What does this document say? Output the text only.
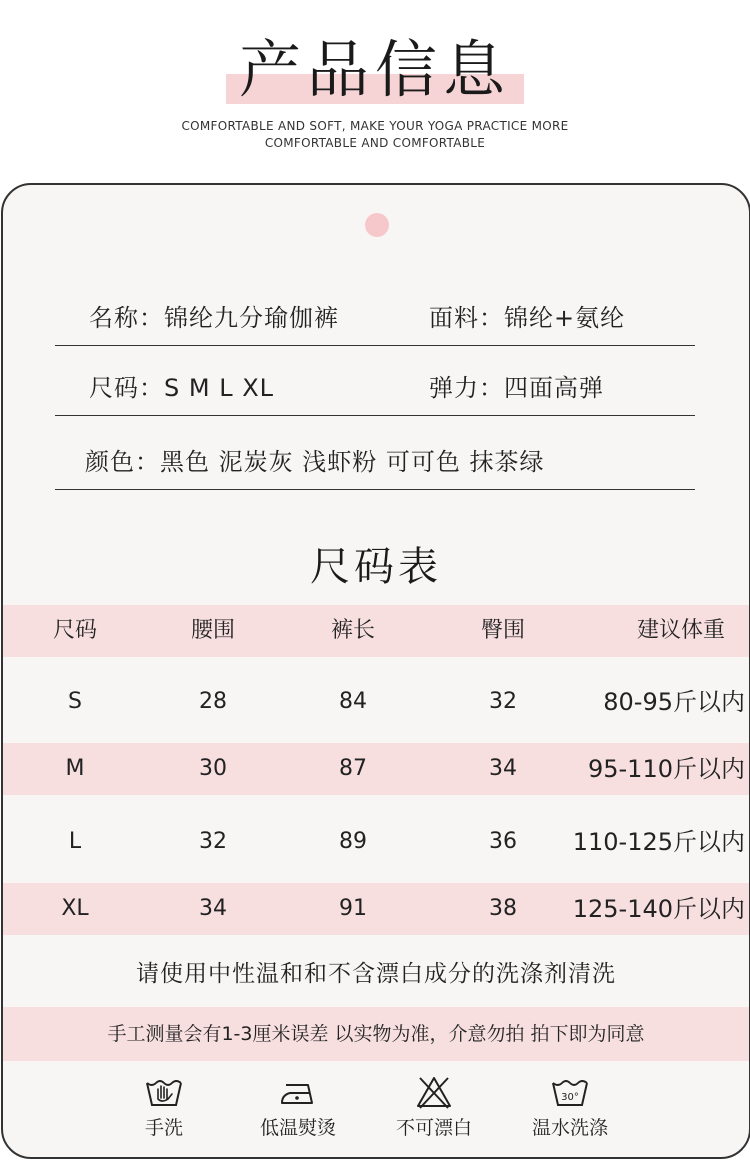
产品信息
COMFORTABLE AND SOFT, MAKE YOUR YOGA PRACTICE MORE
COMFORTABLE AND COMFORTABLE
名称：锦纶九分瑜伽裤	面料：锦纶+氨纶
尺码：S M L XL	弹力：四面高弹
颜色：黑色 泥炭灰 浅虾粉 可可色 抹茶绿
尺码表
尺码	腰围	裤长	臀围	建议体重
S	28	84	32	80-95斤以内
M	30	87	34	95-110斤以内
L	32	89	36	110-125斤以内
XL	34	91	38	125-140斤以内
请使用中性温和和不含漂白成分的洗涤剂清洗
手工测量会有1-3厘米误差 以实物为准，介意勿拍 拍下即为同意
手洗	低温熨烫	不可漂白
30°
温水洗涤
